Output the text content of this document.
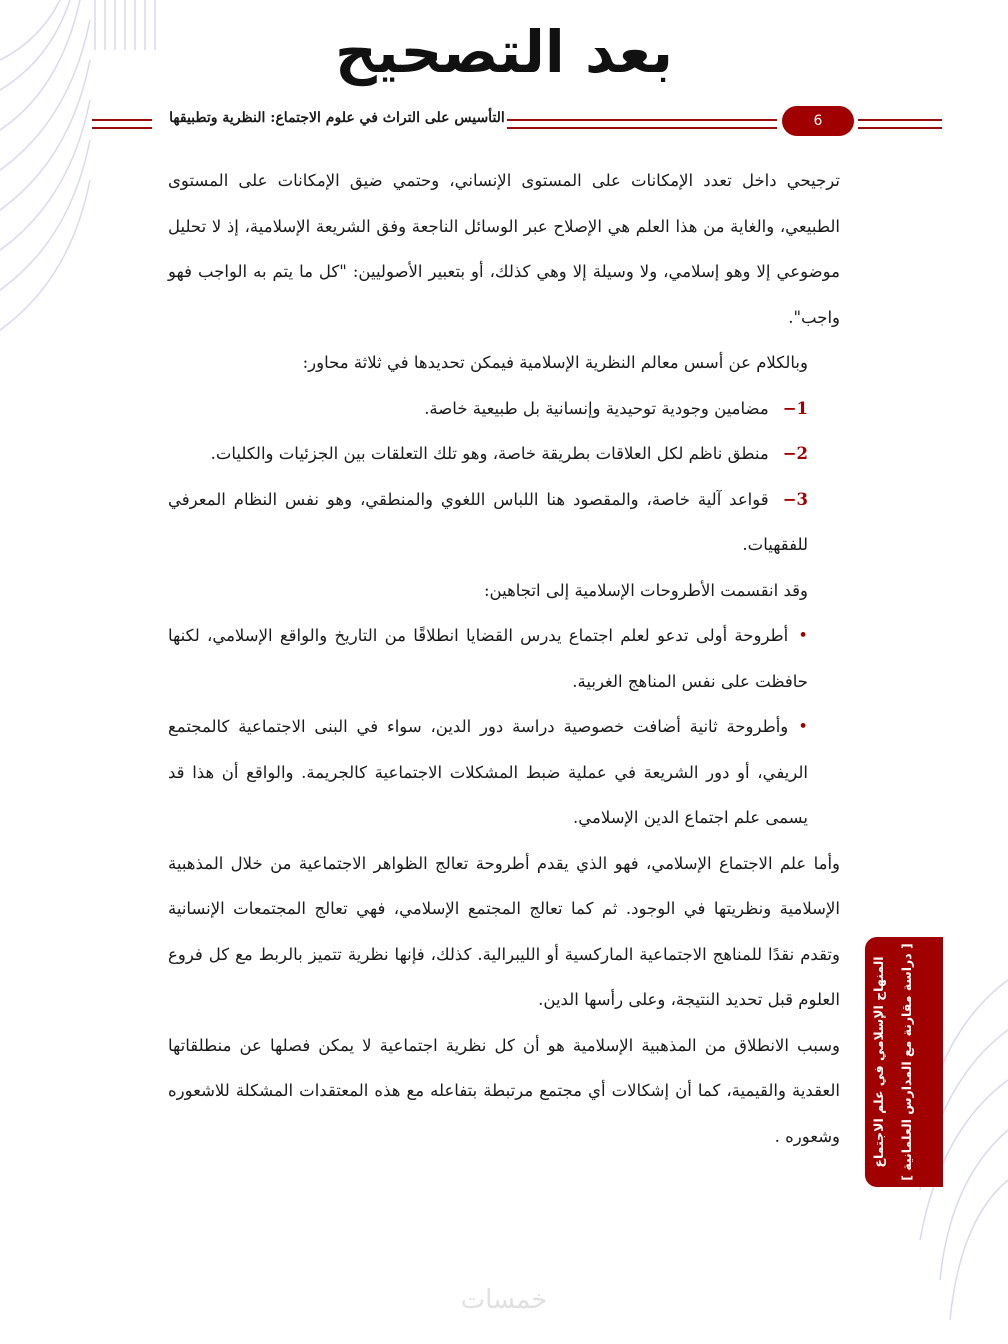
بعد التصحيح
التأسيس على التراث في علوم الاجتماع: النظرية وتطبيقها	6

ترجيحي داخل تعدد الإمكانات على المستوى الإنساني، وحتمي ضيق الإمكانات على المستوى الطبيعي، والغاية من هذا العلم هي الإصلاح عبر الوسائل الناجعة وفق الشريعة الإسلامية، إذ لا تحليل موضوعي إلا وهو إسلامي، ولا وسيلة إلا وهي كذلك، أو بتعبير الأصوليين: "كل ما يتم به الواجب فهو واجب".

وبالكلام عن أسس معالم النظرية الإسلامية فيمكن تحديدها في ثلاثة محاور:

1−مضامين وجودية توحيدية وإنسانية بل طبيعية خاصة.

2−منطق ناظم لكل العلاقات بطريقة خاصة، وهو تلك التعلقات بين الجزئيات والكليات.

3−قواعد آلية خاصة، والمقصود هنا اللباس اللغوي والمنطقي، وهو نفس النظام المعرفي للفقهيات.

وقد انقسمت الأطروحات الإسلامية إلى اتجاهين:

•أطروحة أولى تدعو لعلم اجتماع يدرس القضايا انطلاقًا من التاريخ والواقع الإسلامي، لكنها حافظت على نفس المناهج الغربية.

•وأطروحة ثانية أضافت خصوصية دراسة دور الدين، سواء في البنى الاجتماعية كالمجتمع الريفي، أو دور الشريعة في عملية ضبط المشكلات الاجتماعية كالجريمة. والواقع أن هذا قد يسمى علم اجتماع الدين الإسلامي.

وأما علم الاجتماع الإسلامي، فهو الذي يقدم أطروحة تعالج الظواهر الاجتماعية من خلال المذهبية الإسلامية ونظريتها في الوجود. ثم كما تعالج المجتمع الإسلامي، فهي تعالج المجتمعات الإنسانية وتقدم نقدًا للمناهج الاجتماعية الماركسية أو الليبرالية. كذلك، فإنها نظرية تتميز بالربط مع كل فروع العلوم قبل تحديد النتيجة، وعلى رأسها الدين.

وسبب الانطلاق من المذهبية الإسلامية هو أن كل نظرية اجتماعية لا يمكن فصلها عن منطلقاتها العقدية والقيمية، كما أن إشكالات أي مجتمع مرتبطة بتفاعله مع هذه المعتقدات المشكلة للاشعوره وشعوره .	المنهاج الإسلامي في علم الاجتماع	[ دراسة مقارنة مع المدارس العلمانية ]
خمسات
